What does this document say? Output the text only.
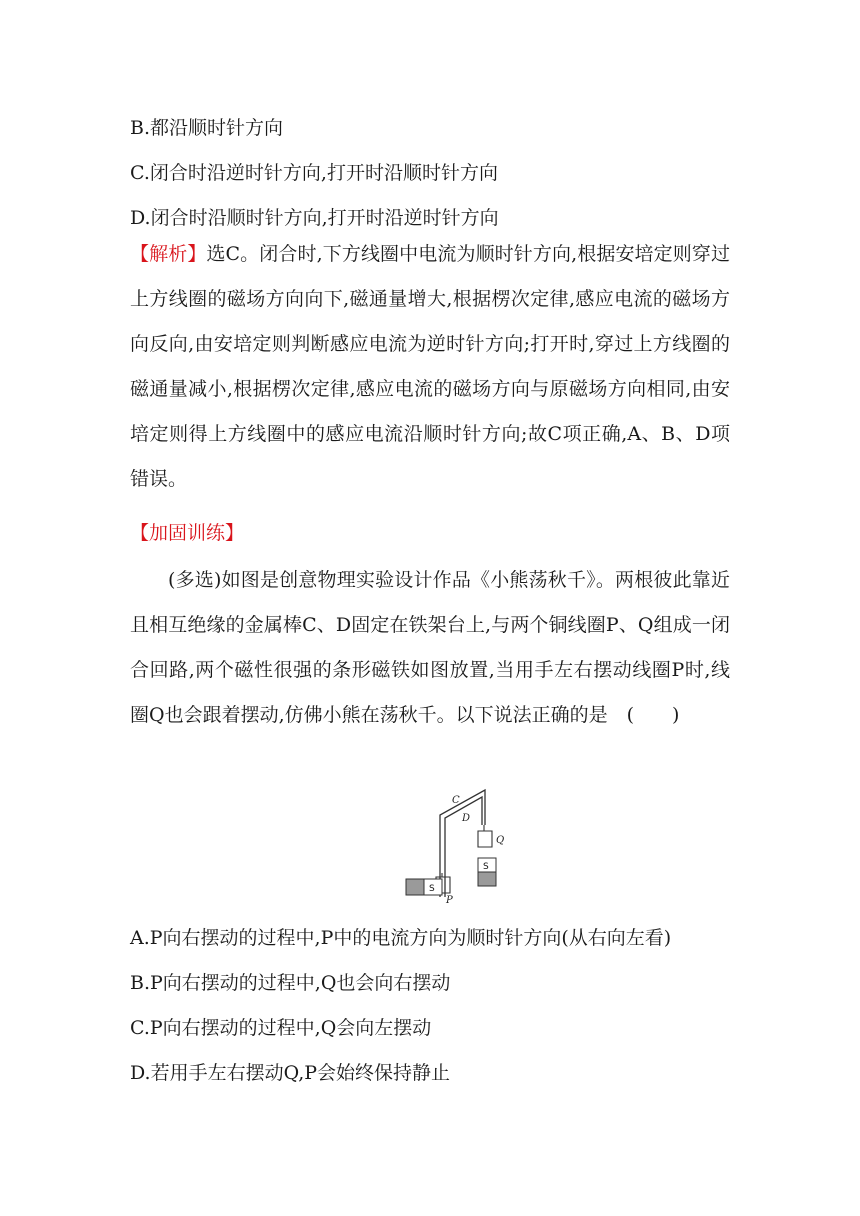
B.都沿顺时针方向
C.闭合时沿逆时针方向,打开时沿顺时针方向
D.闭合时沿顺时针方向,打开时沿逆时针方向
【解析】选C。闭合时,下方线圈中电流为顺时针方向,根据安培定则穿过上方线圈的磁场方向向下,磁通量增大,根据楞次定律,感应电流的磁场方向反向,由安培定则判断感应电流为逆时针方向;打开时,穿过上方线圈的磁通量减小,根据楞次定律,感应电流的磁场方向与原磁场方向相同,由安培定则得上方线圈中的感应电流沿顺时针方向;故C项正确,A、B、D项错误。
【加固训练】
(多选)如图是创意物理实验设计作品《小熊荡秋千》。两根彼此靠近且相互绝缘的金属棒C、D固定在铁架台上,与两个铜线圈P、Q组成一闭合回路,两个磁性很强的条形磁铁如图放置,当用手左右摆动线圈P时,线圈Q也会跟着摆动,仿佛小熊在荡秋千。以下说法正确的是　(　　)
C
D
Q
P
S
S
A.P向右摆动的过程中,P中的电流方向为顺时针方向(从右向左看)
B.P向右摆动的过程中,Q也会向右摆动
C.P向右摆动的过程中,Q会向左摆动
D.若用手左右摆动Q,P会始终保持静止
